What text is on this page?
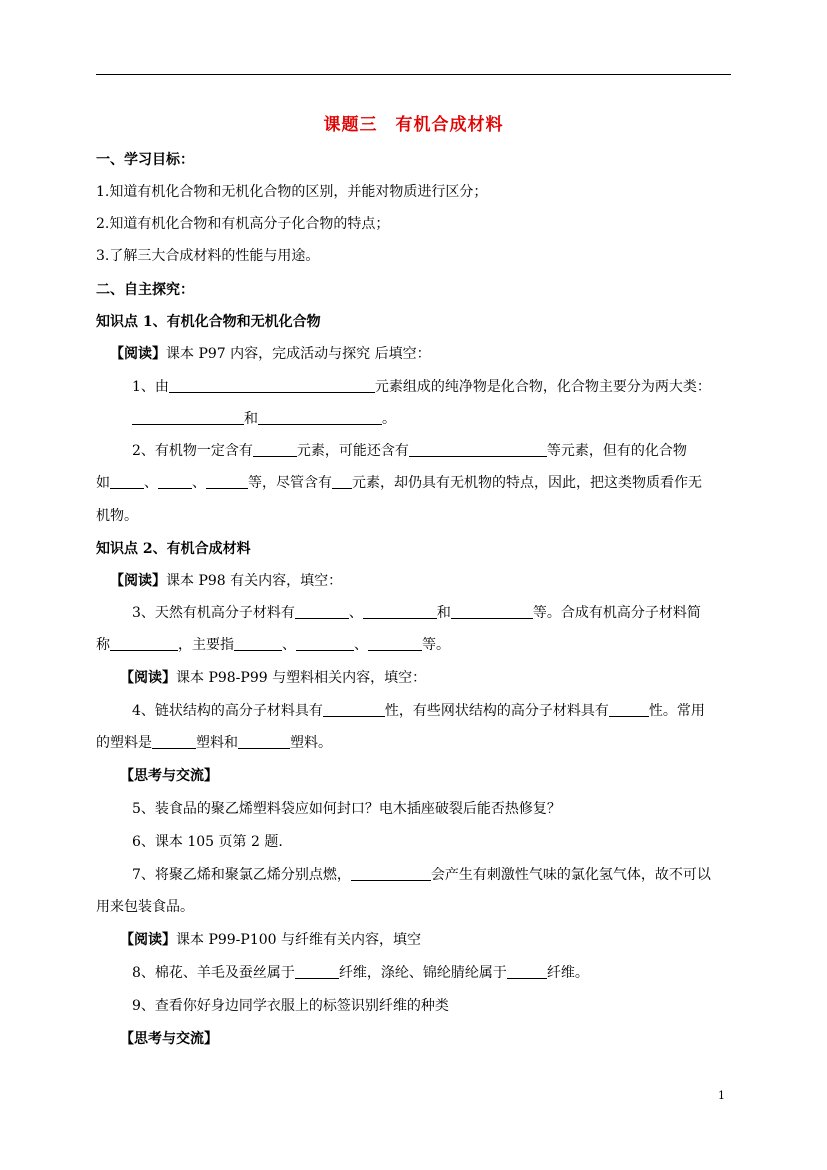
课题三　有机合成材料
一、学习目标：
1.知道有机化合物和无机化合物的区别，并能对物质进行区分；
2.知道有机化合物和有机高分子化合物的特点；
3.了解三大合成材料的性能与用途。
二、自主探究：
知识点 1、有机化合物和无机化合物
【阅读】课本 P97 内容，完成活动与探究 后填空：
1、由	元素组成的纯净物是化合物，化合物主要分为两大类：
和	。
2、有机物一定含有	元素，可能还含有	等元素，但有的化合物
如 、 、	等，尽管含有 元素，却仍具有无机物的特点，因此，把这类物质看作无
机物。
知识点 2、有机合成材料
【阅读】课本 P98 有关内容，填空：
3、天然有机高分子材料有	、	和	等。合成有机高分子材料简
称	，主要指	、	、	等。
【阅读】课本 P98-P99 与塑料相关内容，填空：
4、链状结构的高分子材料具有	性，有些网状结构的高分子材料具有	性。常用
的塑料是	塑料和	塑料。
【思考与交流】
5、装食品的聚乙烯塑料袋应如何封口？电木插座破裂后能否热修复？
6、课本 105 页第 2 题.
7、将聚乙烯和聚氯乙烯分别点燃，	会产生有刺激性气味的氯化氢气体，故不可以
用来包装食品。
【阅读】课本 P99-P100 与纤维有关内容，填空
8、棉花、羊毛及蚕丝属于	纤维，涤纶、锦纶腈纶属于	纤维。
9、查看你好身边同学衣服上的标签识别纤维的种类
【思考与交流】
1
